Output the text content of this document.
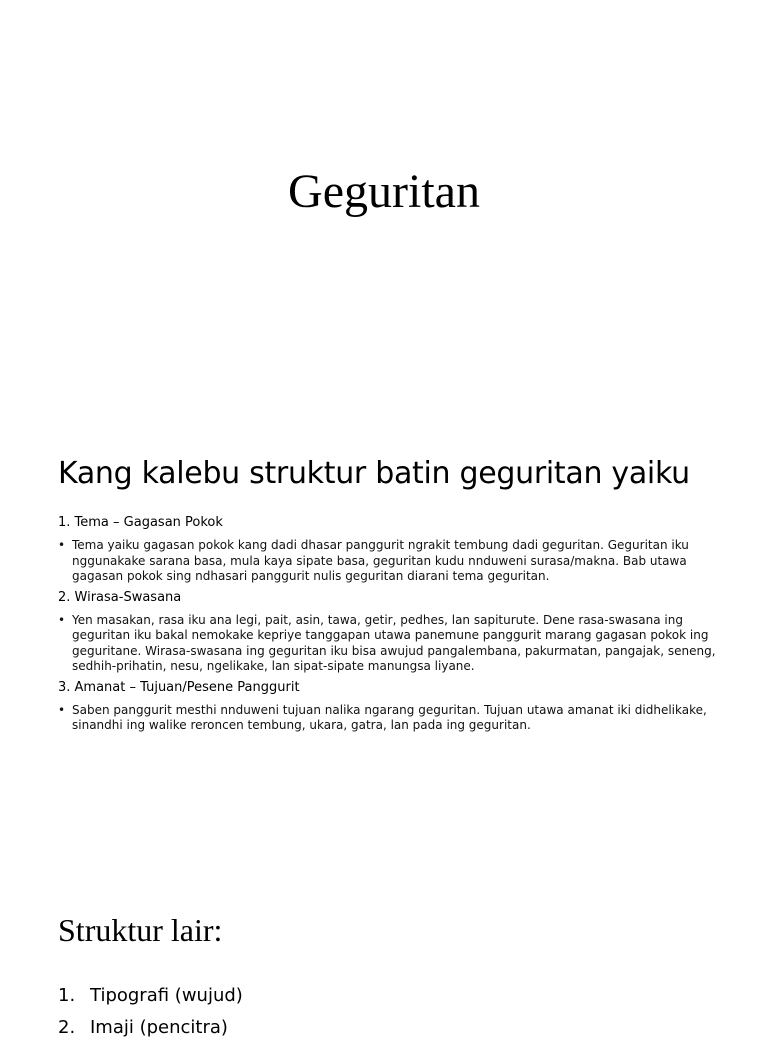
Geguritan
Kang kalebu struktur batin geguritan yaiku
1. Tema – Gagasan Pokok
• Tema yaiku gagasan pokok kang dadi dhasar panggurit ngrakit tembung dadi geguritan. Geguritan iku nggunakake sarana basa, mula kaya sipate basa, geguritan kudu nnduweni surasa/makna. Bab utawa gagasan pokok sing ndhasari panggurit nulis geguritan diarani tema geguritan.
2. Wirasa-Swasana
• Yen masakan, rasa iku ana legi, pait, asin, tawa, getir, pedhes, lan sapiturute. Dene rasa-swasana ing geguritan iku bakal nemokake kepriye tanggapan utawa panemune panggurit marang gagasan pokok ing geguritane. Wirasa-swasana ing geguritan iku bisa awujud pangalembana, pakurmatan, pangajak, seneng, sedhih-prihatin, nesu, ngelikake, lan sipat-sipate manungsa liyane.
3. Amanat – Tujuan/Pesene Panggurit
• Saben panggurit mesthi nnduweni tujuan nalika ngarang geguritan. Tujuan utawa amanat iki didhelikake, sinandhi ing walike reroncen tembung, ukara, gatra, lan pada ing geguritan.
Struktur lair:
1. Tipografi (wujud)
2. Imaji (pencitra)
